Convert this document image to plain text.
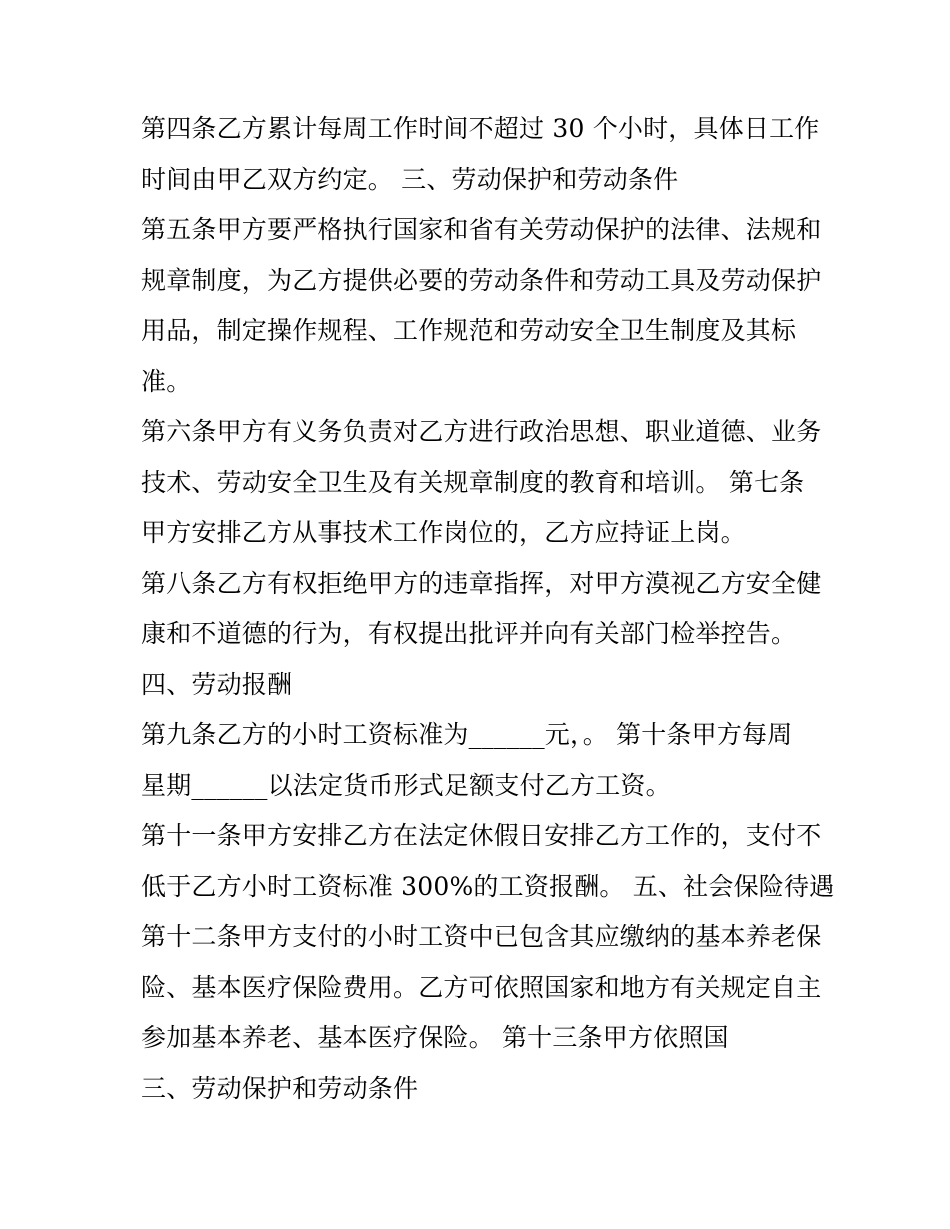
第四条乙方累计每周工作时间不超过 30 个小时，具体日工作

时间由甲乙双方约定。 三、劳动保护和劳动条件

第五条甲方要严格执行国家和省有关劳动保护的法律、法规和

规章制度，为乙方提供必要的劳动条件和劳动工具及劳动保护

用品，制定操作规程、工作规范和劳动安全卫生制度及其标

准。

第六条甲方有义务负责对乙方进行政治思想、职业道德、业务

技术、劳动安全卫生及有关规章制度的教育和培训。 第七条

甲方安排乙方从事技术工作岗位的，乙方应持证上岗。

第八条乙方有权拒绝甲方的违章指挥，对甲方漠视乙方安全健

康和不道德的行为，有权提出批评并向有关部门检举控告。

四、劳动报酬

第九条乙方的小时工资标准为______元，。 第十条甲方每周

星期______以法定货币形式足额支付乙方工资。

第十一条甲方安排乙方在法定休假日安排乙方工作的，支付不

低于乙方小时工资标准 300%的工资报酬。 五、社会保险待遇

第十二条甲方支付的小时工资中已包含其应缴纳的基本养老保

险、基本医疗保险费用。乙方可依照国家和地方有关规定自主

参加基本养老、基本医疗保险。 第十三条甲方依照国

三、劳动保护和劳动条件
